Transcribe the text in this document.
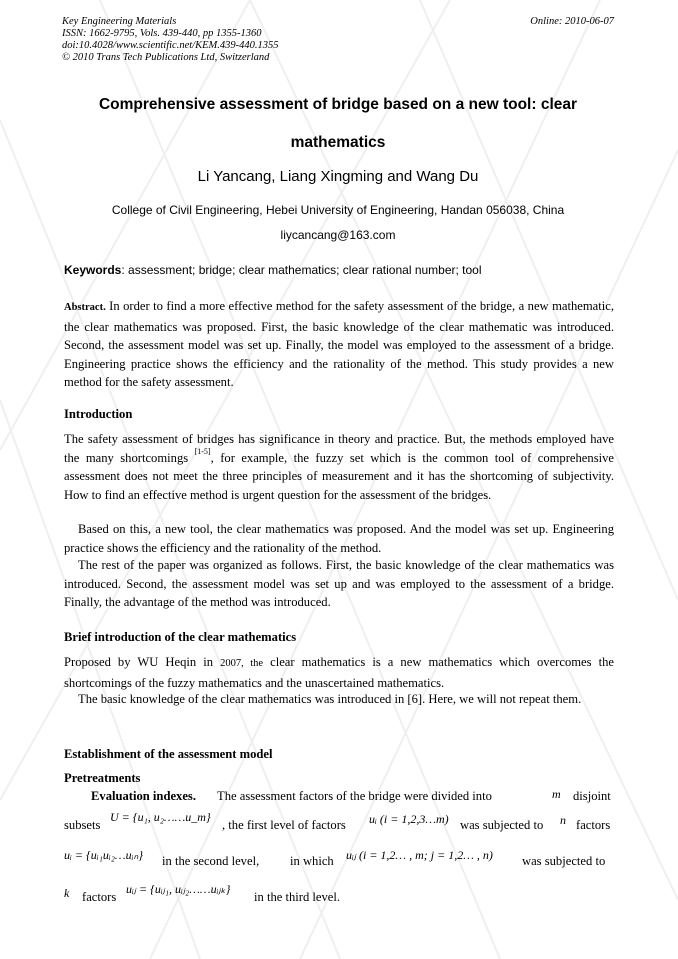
Key Engineering Materials
ISSN: 1662-9795, Vols. 439-440, pp 1355-1360
doi:10.4028/www.scientific.net/KEM.439-440.1355
© 2010 Trans Tech Publications Ltd, Switzerland
Online: 2010-06-07
Comprehensive assessment of bridge based on a new tool: clear
mathematics
Li Yancang, Liang Xingming and Wang Du
College of Civil Engineering, Hebei University of Engineering, Handan 056038, China
liycancang@163.com
Keywords: assessment; bridge; clear mathematics; clear rational number; tool
Abstract. In order to find a more effective method for the safety assessment of the bridge, a new mathematic, the clear mathematics was proposed. First, the basic knowledge of the clear mathematic was introduced. Second, the assessment model was set up. Finally, the model was employed to the assessment of a bridge. Engineering practice shows the efficiency and the rationality of the method. This study provides a new method for the safety assessment.
Introduction
The safety assessment of bridges has significance in theory and practice. But, the methods employed have the many shortcomings [1-5], for example, the fuzzy set which is the common tool of comprehensive assessment does not meet the three principles of measurement and it has the shortcoming of subjectivity. How to find an effective method is urgent question for the assessment of the bridges.
Based on this, a new tool, the clear mathematics was proposed. And the model was set up. Engineering practice shows the efficiency and the rationality of the method.
The rest of the paper was organized as follows. First, the basic knowledge of the clear mathematics was introduced. Second, the assessment model was set up and was employed to the assessment of a bridge. Finally, the advantage of the method was introduced.
Brief introduction of the clear mathematics
Proposed by WU Heqin in 2007, the clear mathematics is a new mathematics which overcomes the shortcomings of the fuzzy mathematics and the unascertained mathematics.
The basic knowledge of the clear mathematics was introduced in [6]. Here, we will not repeat them.
Establishment of the assessment model
Pretreatments
Evaluation indexes. The assessment factors of the bridge were divided into	m disjoint
subsets
U = {u₁, u₂……u_m}
, the first level of factors uᵢ (i = 1,2,3…m) was subjected to n factors
uᵢ = {uᵢ₁uᵢ₂…uᵢₙ} in the second level, in which uᵢⱼ (i = 1,2… , m; j = 1,2… , n) was subjected to
k factors
uᵢⱼ = {uᵢⱼ₁, uᵢⱼ₂……uᵢⱼₖ}
in the third level.
